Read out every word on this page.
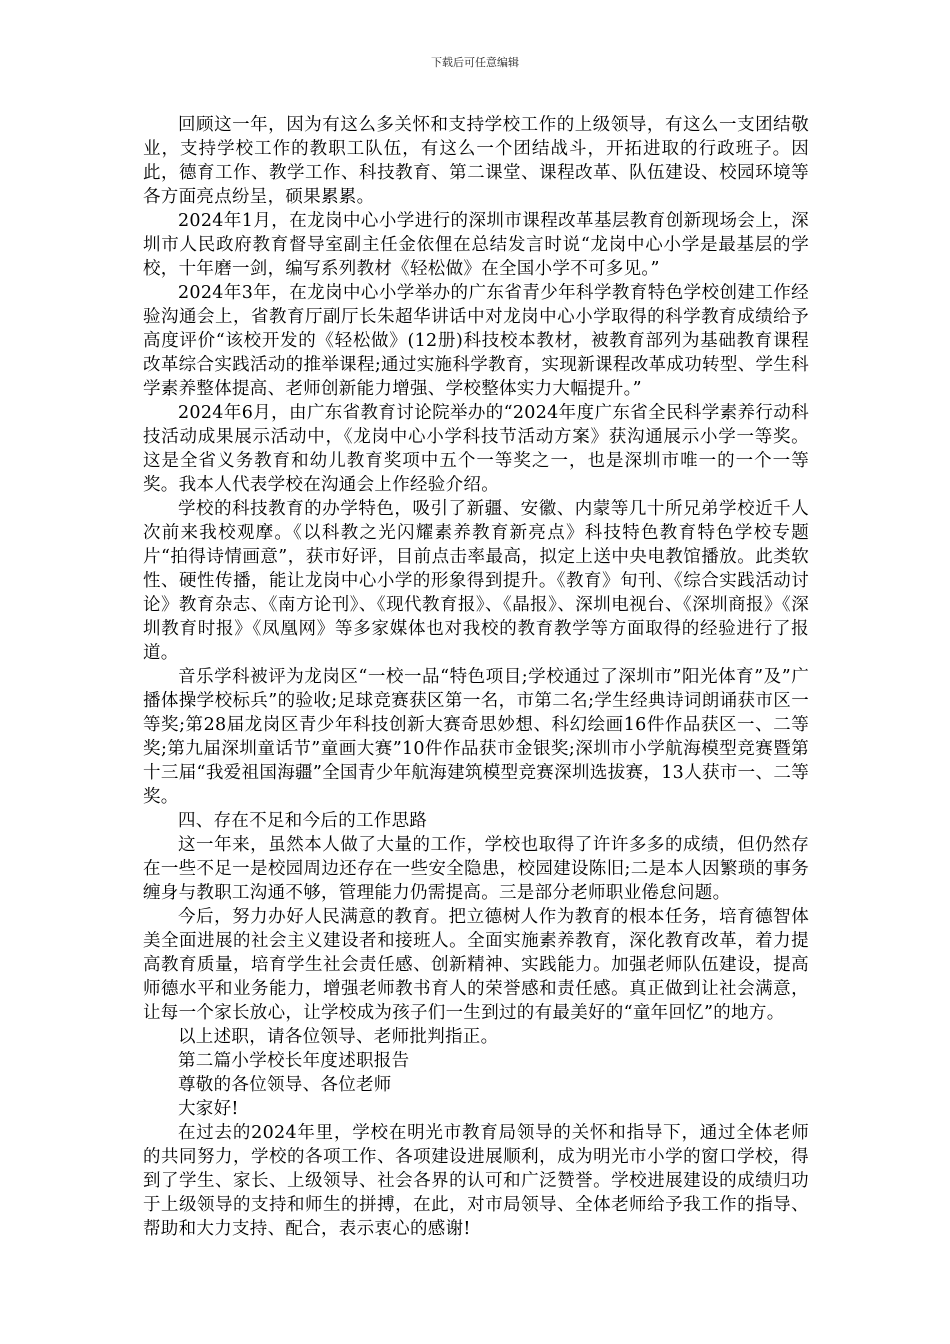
下载后可任意编辑

回顾这一年，因为有这么多关怀和支持学校工作的上级领导，有这么一支团结敬业，支持学校工作的教职工队伍，有这么一个团结战斗，开拓进取的行政班子。因此，德育工作、教学工作、科技教育、第二课堂、课程改革、队伍建设、校园环境等各方面亮点纷呈，硕果累累。

2024年1月，在龙岗中心小学进行的深圳市课程改革基层教育创新现场会上，深圳市人民政府教育督导室副主任金依俚在总结发言时说“龙岗中心小学是最基层的学校，十年磨一剑，编写系列教材《轻松做》在全国小学不可多见。”

2024年3年，在龙岗中心小学举办的广东省青少年科学教育特色学校创建工作经验沟通会上，省教育厅副厅长朱超华讲话中对龙岗中心小学取得的科学教育成绩给予高度评价“该校开发的《轻松做》(12册)科技校本教材，被教育部列为基础教育课程改革综合实践活动的推举课程;通过实施科学教育，实现新课程改革成功转型、学生科学素养整体提高、老师创新能力增强、学校整体实力大幅提升。”

2024年6月，由广东省教育讨论院举办的“2024年度广东省全民科学素养行动科技活动成果展示活动中，《龙岗中心小学科技节活动方案》获沟通展示小学一等奖。这是全省义务教育和幼儿教育奖项中五个一等奖之一，也是深圳市唯一的一个一等奖。我本人代表学校在沟通会上作经验介绍。

学校的科技教育的办学特色，吸引了新疆、安徽、内蒙等几十所兄弟学校近千人次前来我校观摩。《以科教之光闪耀素养教育新亮点》科技特色教育特色学校专题片“拍得诗情画意”，获市好评，目前点击率最高，拟定上送中央电教馆播放。此类软性、硬性传播，能让龙岗中心小学的形象得到提升。《教育》旬刊、《综合实践活动讨论》教育杂志、《南方论刊》、《现代教育报》、《晶报》、深圳电视台、《深圳商报》《深圳教育时报》《凤凰网》等多家媒体也对我校的教育教学等方面取得的经验进行了报道。

音乐学科被评为龙岗区“一校一品“特色项目;学校通过了深圳市”阳光体育”及”广播体操学校标兵”的验收;足球竞赛获区第一名，市第二名;学生经典诗词朗诵获市区一等奖;第28届龙岗区青少年科技创新大赛奇思妙想、科幻绘画16件作品获区一、二等奖;第九届深圳童话节”童画大赛”10件作品获市金银奖;深圳市小学航海模型竞赛暨第十三届“我爱祖国海疆”全国青少年航海建筑模型竞赛深圳选拔赛，13人获市一、二等奖。

四、存在不足和今后的工作思路

这一年来，虽然本人做了大量的工作，学校也取得了许许多多的成绩，但仍然存在一些不足一是校园周边还存在一些安全隐患，校园建设陈旧;二是本人因繁琐的事务缠身与教职工沟通不够，管理能力仍需提高。三是部分老师职业倦怠问题。

今后，努力办好人民满意的教育。把立德树人作为教育的根本任务，培育德智体美全面进展的社会主义建设者和接班人。全面实施素养教育，深化教育改革，着力提高教育质量，培育学生社会责任感、创新精神、实践能力。加强老师队伍建设，提高师德水平和业务能力，增强老师教书育人的荣誉感和责任感。真正做到让社会满意，让每一个家长放心，让学校成为孩子们一生到过的有最美好的“童年回忆”的地方。

以上述职，请各位领导、老师批判指正。

第二篇小学校长年度述职报告

尊敬的各位领导、各位老师

大家好!

在过去的2024年里，学校在明光市教育局领导的关怀和指导下，通过全体老师的共同努力，学校的各项工作、各项建设进展顺利，成为明光市小学的窗口学校，得到了学生、家长、上级领导、社会各界的认可和广泛赞誉。学校进展建设的成绩归功于上级领导的支持和师生的拼搏，在此，对市局领导、全体老师给予我工作的指导、帮助和大力支持、配合，表示衷心的感谢!
